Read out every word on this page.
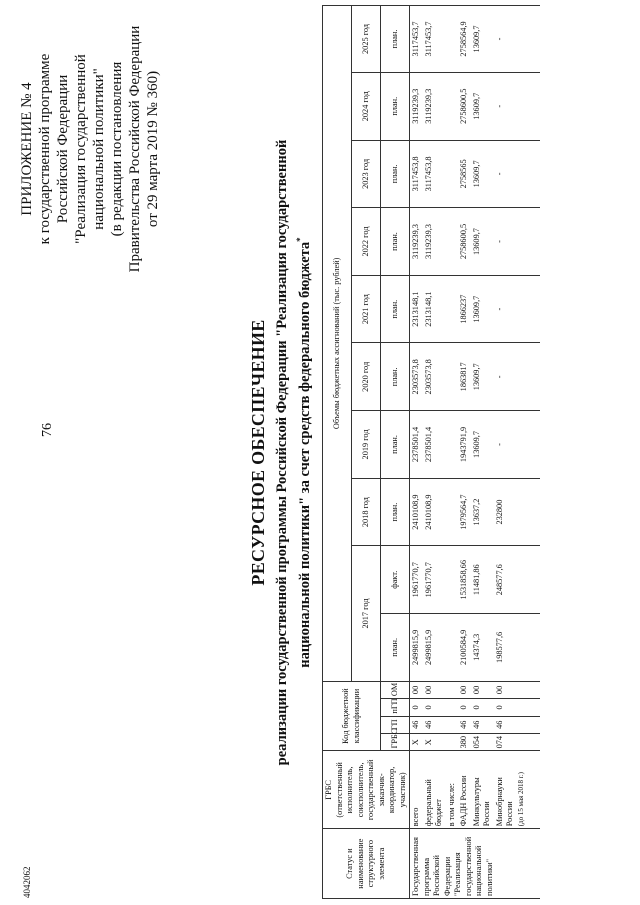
76
4042062
ПРИЛОЖЕНИЕ № 4 к государственной программе Российской Федерации "Реализация государственной национальной политики" (в редакции постановления Правительства Российской Федерации от 29 марта 2019 № 360)
РЕСУРСНОЕ ОБЕСПЕЧЕНИЕ реализации государственной программы Российской Федерации "Реализация государственной национальной политики" за счет средств федерального бюджета*
Статус и наименование структурного элемента	ГРБС (ответственный исполнитель, соисполнитель, государственный заказчик-координатор, участник)	Код бюджетной классификации				Объемы бюджетных ассигнований (тыс. рублей)									
						2017 год		2018 год	2019 год	2020 год	2021 год	2022 год	2023 год	2024 год	2025 год
		ГРБС	ГП	пГП	ОМ	план.	факт.	план.	план.	план.	план.	план.	план.	план.	план.
Государственная программа Российской Федерации "Реализация государственной национальной политики"	всего	X	46	0	00	2499815,9	1961770,7	2410108,9	2378501,4	2303573,8	2313148,1	3119239,3	3117453,8	3119239,3	3117453,7
	федеральный бюджет	X	46	0	00	2499815,9	1961770,7	2410108,9	2378501,4	2303573,8	2313148,1	3119239,3	3117453,8	3119239,3	3117453,7
	в том числе:														
	ФАДН России	380	46	0	00	2100584,9	1531858,66	1979564,7	1943791,9	1863817	1866237	2758600,5	2758565	2758600,5	2758564,9
	Минкультуры России	054	46	0	00	14374,3	11481,86	13637,2	13609,7	13609,7	13609,7	13609,7	13609,7	13609,7	13609,7
	Минобрнауки России (до 15 мая 2018 г.)	074	46	0	00	198577,6	248577,6	232800	-	-	-	-	-	-	-
